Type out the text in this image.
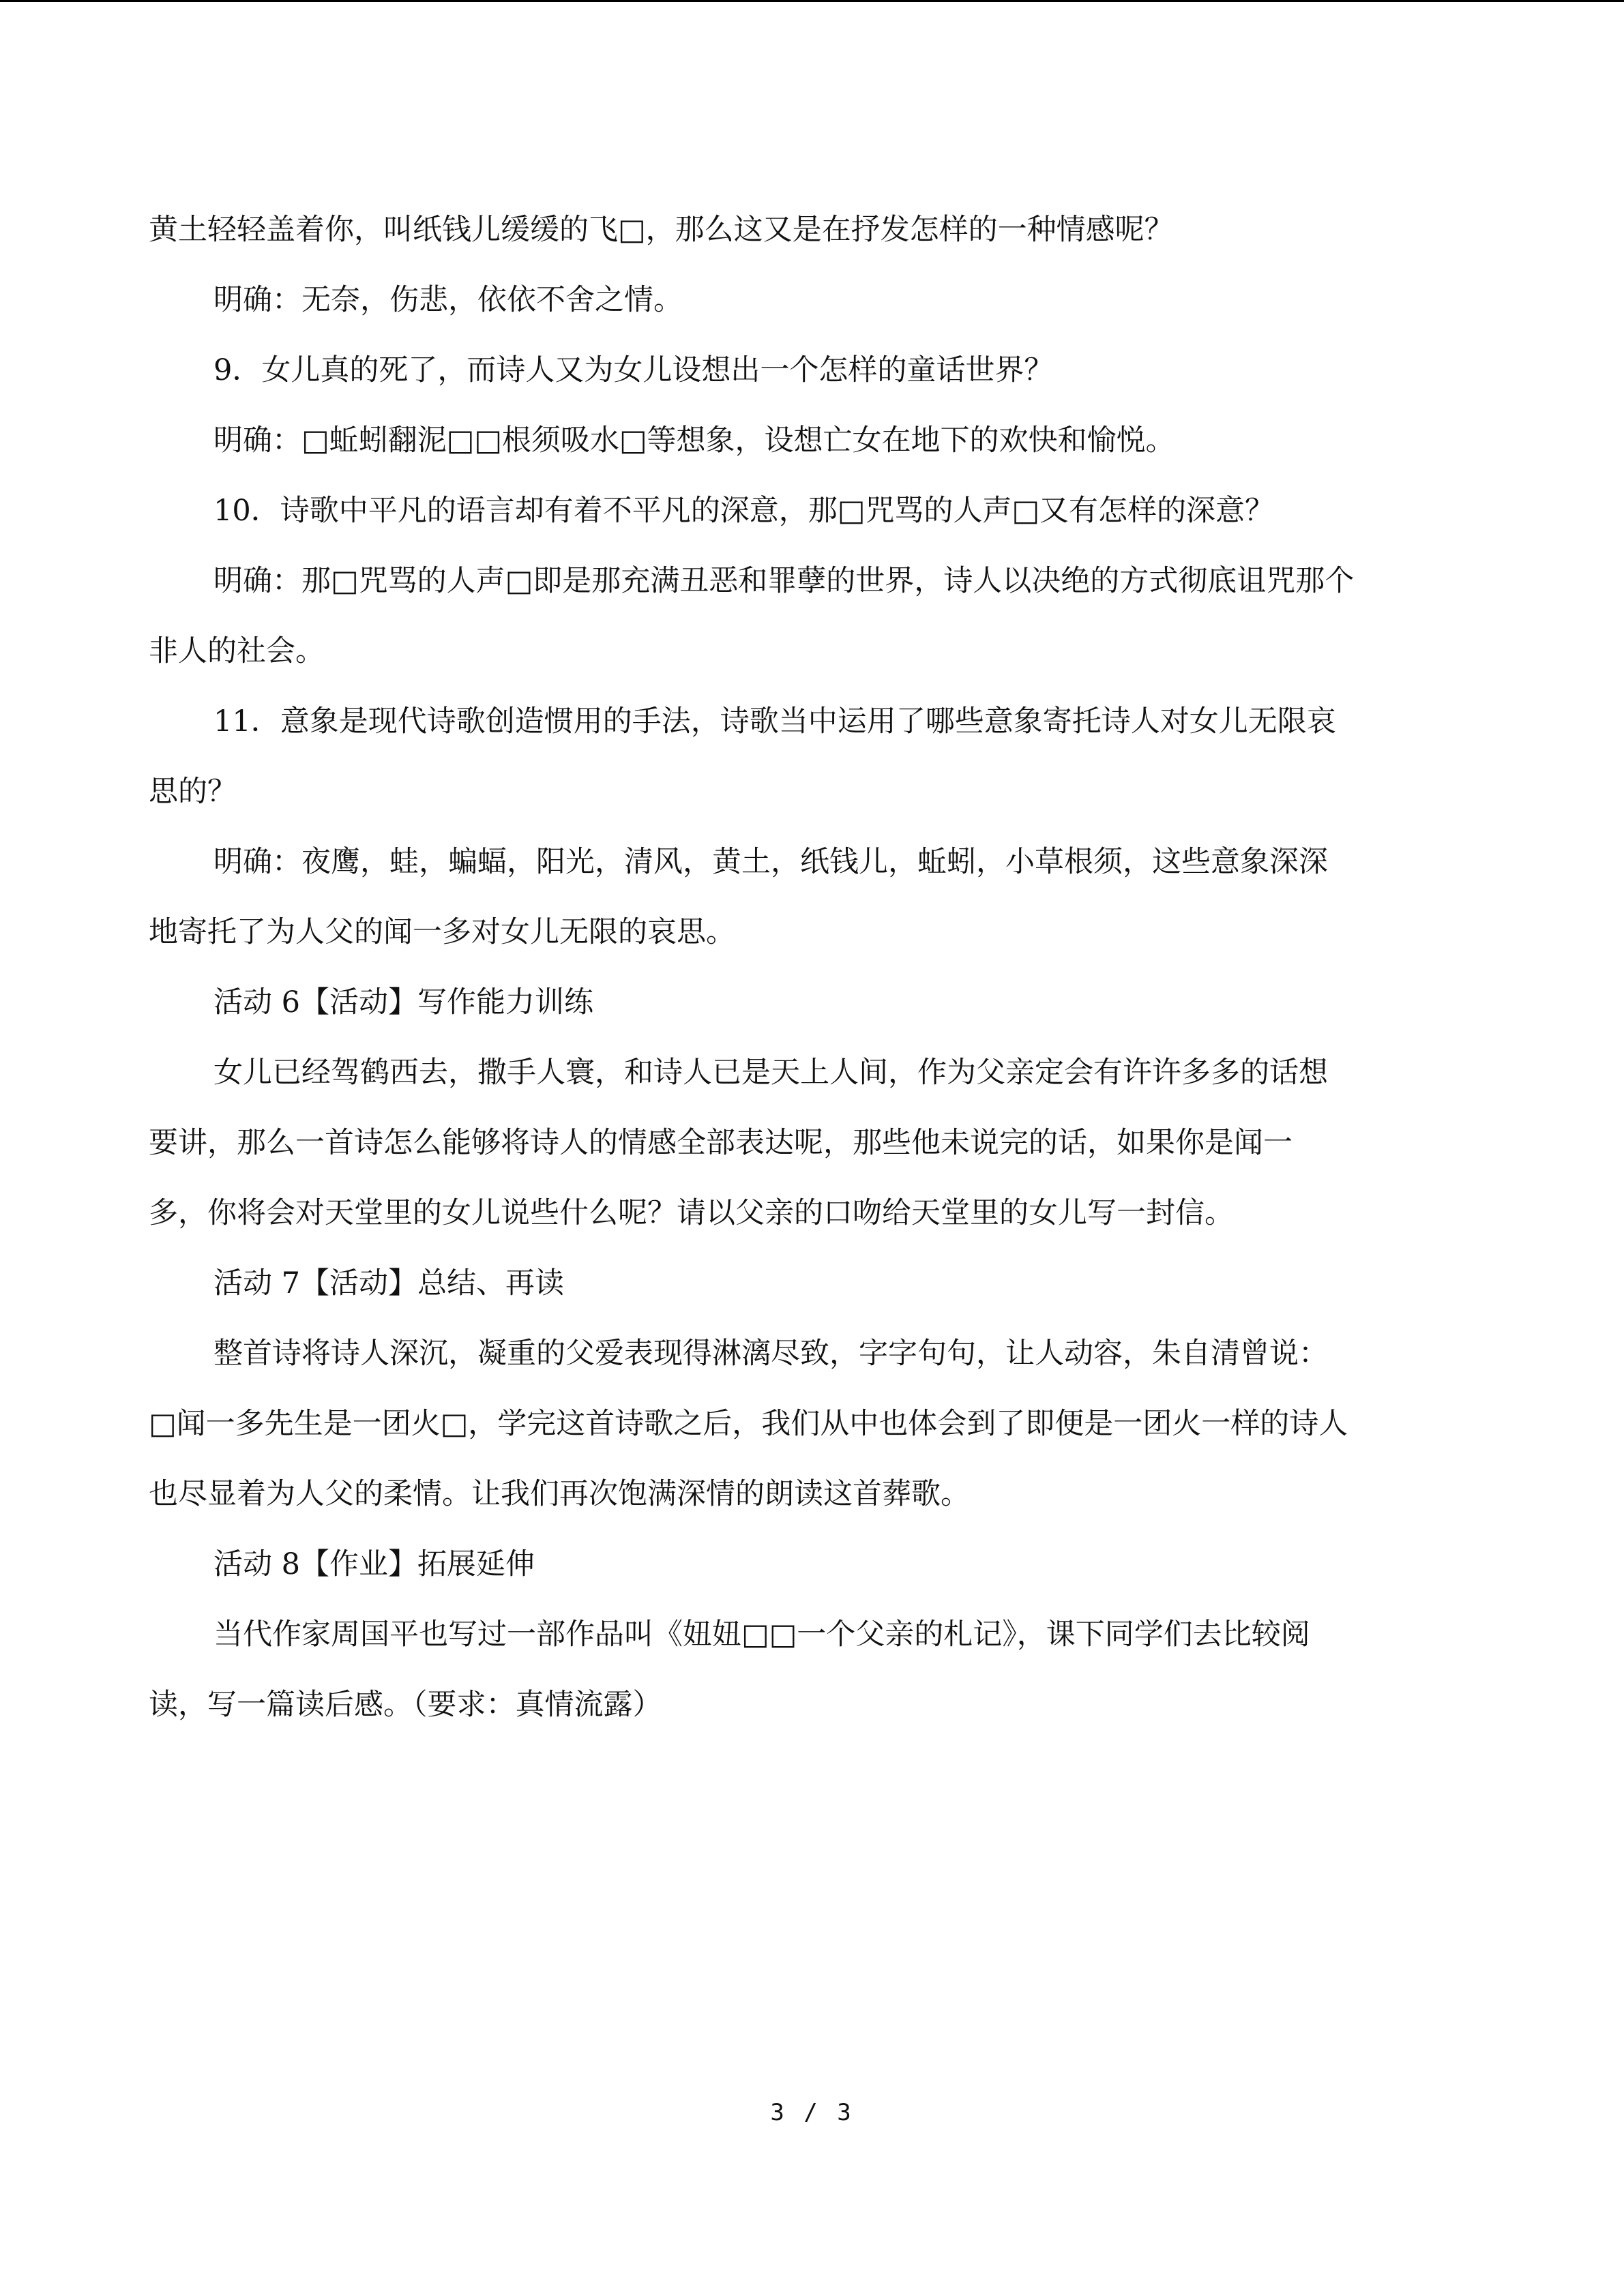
黄土轻轻盖着你，叫纸钱儿缓缓的飞□，那么这又是在抒发怎样的一种情感呢？
明确：无奈，伤悲，依依不舍之情。
9．女儿真的死了，而诗人又为女儿设想出一个怎样的童话世界？
明确：□蚯蚓翻泥□□根须吸水□等想象，设想亡女在地下的欢快和愉悦。
10．诗歌中平凡的语言却有着不平凡的深意，那□咒骂的人声□又有怎样的深意？
明确：那□咒骂的人声□即是那充满丑恶和罪孽的世界，诗人以决绝的方式彻底诅咒那个
非人的社会。
11．意象是现代诗歌创造惯用的手法，诗歌当中运用了哪些意象寄托诗人对女儿无限哀
思的？
明确：夜鹰，蛙，蝙蝠，阳光，清风，黄土，纸钱儿，蚯蚓，小草根须，这些意象深深
地寄托了为人父的闻一多对女儿无限的哀思。
活动 6【活动】写作能力训练
女儿已经驾鹤西去，撒手人寰，和诗人已是天上人间，作为父亲定会有许许多多的话想
要讲，那么一首诗怎么能够将诗人的情感全部表达呢，那些他未说完的话，如果你是闻一
多，你将会对天堂里的女儿说些什么呢？请以父亲的口吻给天堂里的女儿写一封信。
活动 7【活动】总结、再读
整首诗将诗人深沉，凝重的父爱表现得淋漓尽致，字字句句，让人动容，朱自清曾说：
□闻一多先生是一团火□，学完这首诗歌之后，我们从中也体会到了即便是一团火一样的诗人
也尽显着为人父的柔情。让我们再次饱满深情的朗读这首葬歌。
活动 8【作业】拓展延伸
当代作家周国平也写过一部作品叫《妞妞□□一个父亲的札记》，课下同学们去比较阅
读，写一篇读后感。（要求：真情流露）
3 / 3
